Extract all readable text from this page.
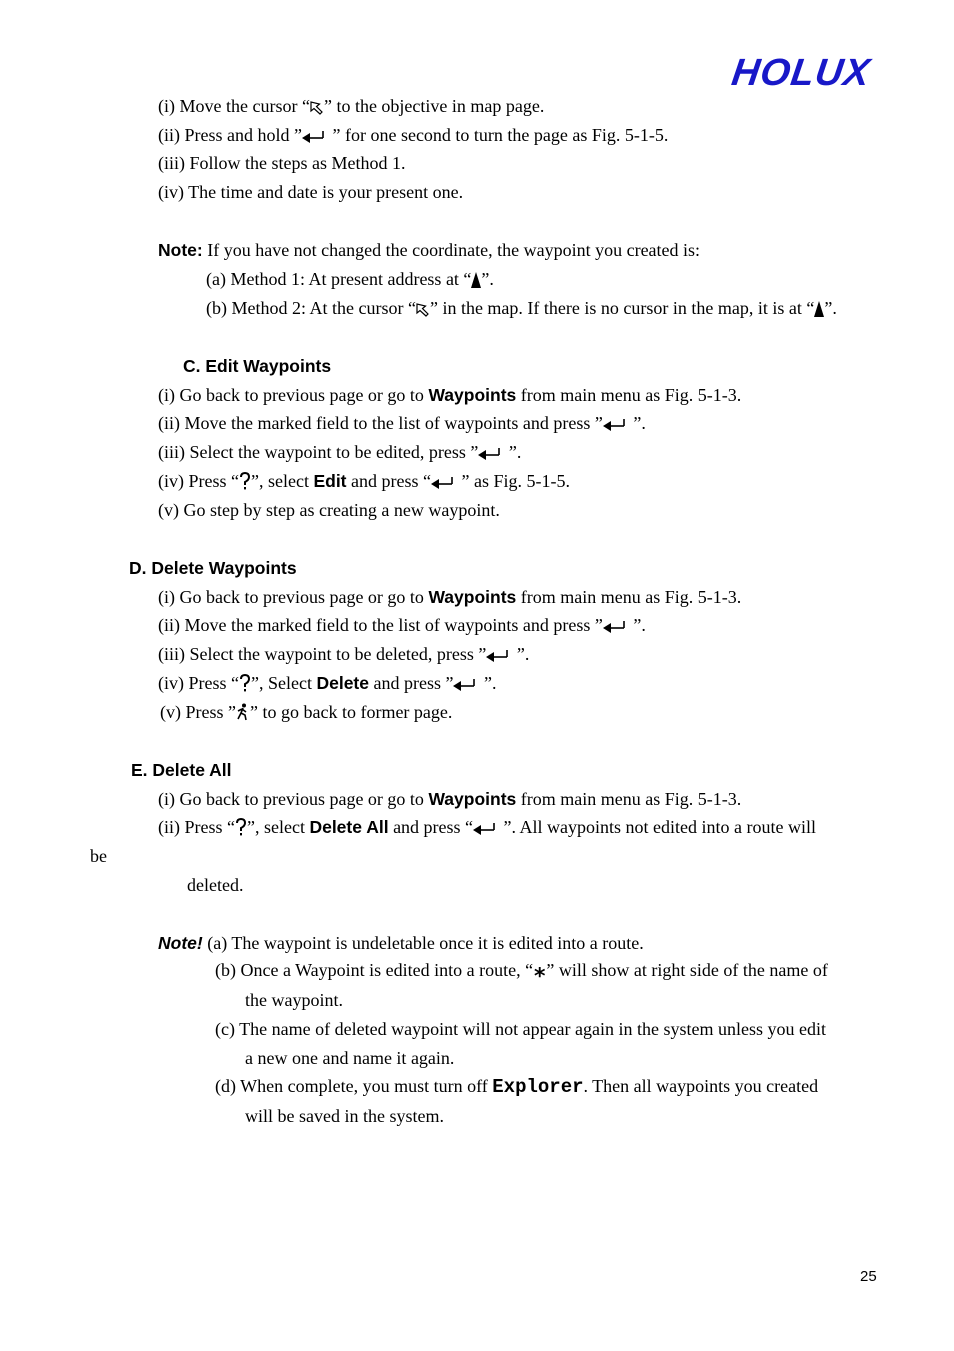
HOLUX
(i) Move the cursor “ ” to the objective in map page.
(ii) Press and hold ” ” for one second to turn the page as Fig. 5-1-5.
(iii) Follow the steps as Method 1.
(iv) The time and date is your present one.
Note: If you have not changed the coordinate, the waypoint you created is:
(a) Method 1: At present address at “ ”.
(b) Method 2: At the cursor “ ” in the map. If there is no cursor in the map, it is at “ ”.
C. Edit Waypoints
(i) Go back to previous page or go to Waypoints from main menu as Fig. 5-1-3.
(ii) Move the marked field to the list of waypoints and press ” ”.
(iii) Select the waypoint to be edited, press ” ”.
(iv) Press “ ”, select Edit and press “ ” as Fig. 5-1-5.
(v) Go step by step as creating a new waypoint.
D. Delete Waypoints
(i) Go back to previous page or go to Waypoints from main menu as Fig. 5-1-3.
(ii) Move the marked field to the list of waypoints and press ” ”.
(iii) Select the waypoint to be deleted, press ” ”.
(iv) Press “ ”, Select Delete and press ” ”.
(v) Press ” ” to go back to former page.
E. Delete All
(i) Go back to previous page or go to Waypoints from main menu as Fig. 5-1-3.
(ii) Press “ ”, select Delete All and press “ ”. All waypoints not edited into a route will
be
deleted.
Note! (a) The waypoint is undeletable once it is edited into a route.
(b) Once a Waypoint is edited into a route, “∗” will show at right side of the name of
the waypoint.
(c) The name of deleted waypoint will not appear again in the system unless you edit
a new one and name it again.
(d) When complete, you must turn off Explorer. Then all waypoints you created
will be saved in the system.
25
